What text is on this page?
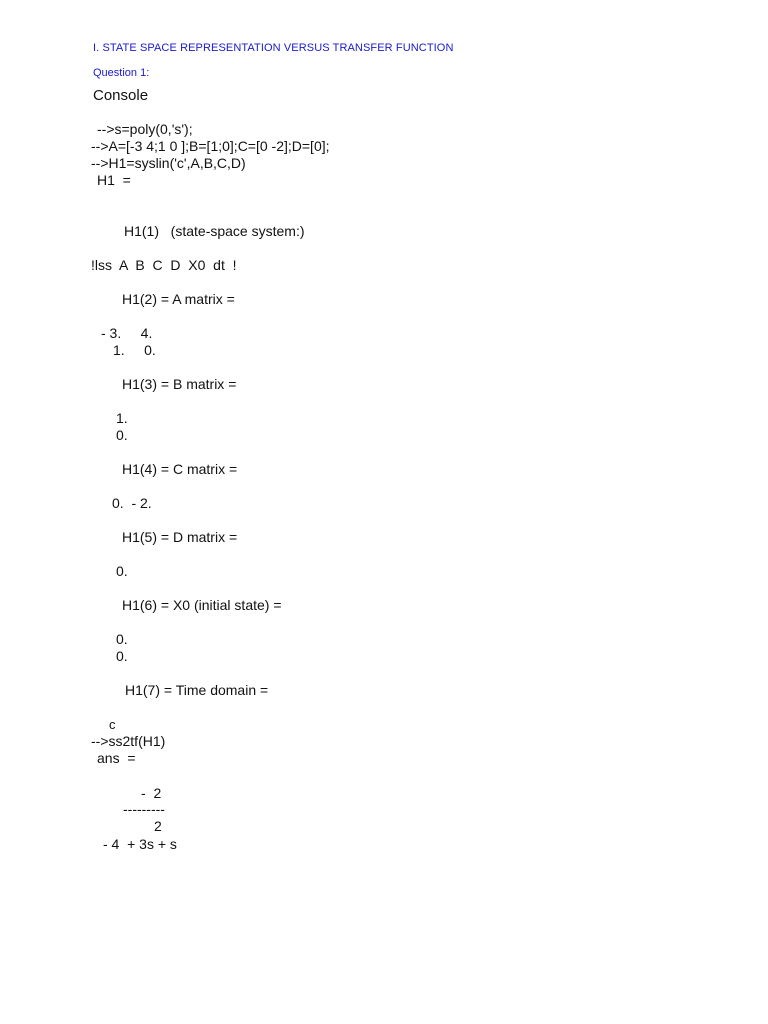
I. STATE SPACE REPRESENTATION VERSUS TRANSFER FUNCTION
Question 1:
Console
-->s=poly(0,'s');
-->A=[-3 4;1 0 ];B=[1;0];C=[0 -2];D=[0];
-->H1=syslin('c',A,B,C,D)
H1  =
H1(1)   (state-space system:)
!lss  A  B  C  D  X0  dt  !
H1(2) = A matrix =
- 3.     4.
1.     0.
H1(3) = B matrix =
1.
0.
H1(4) = C matrix =
0.  - 2.
H1(5) = D matrix =
0.
H1(6) = X0 (initial state) =
0.
0.
H1(7) = Time domain =
c
-->ss2tf(H1)
ans  =
-  2
---------
2
- 4  + 3s + s
